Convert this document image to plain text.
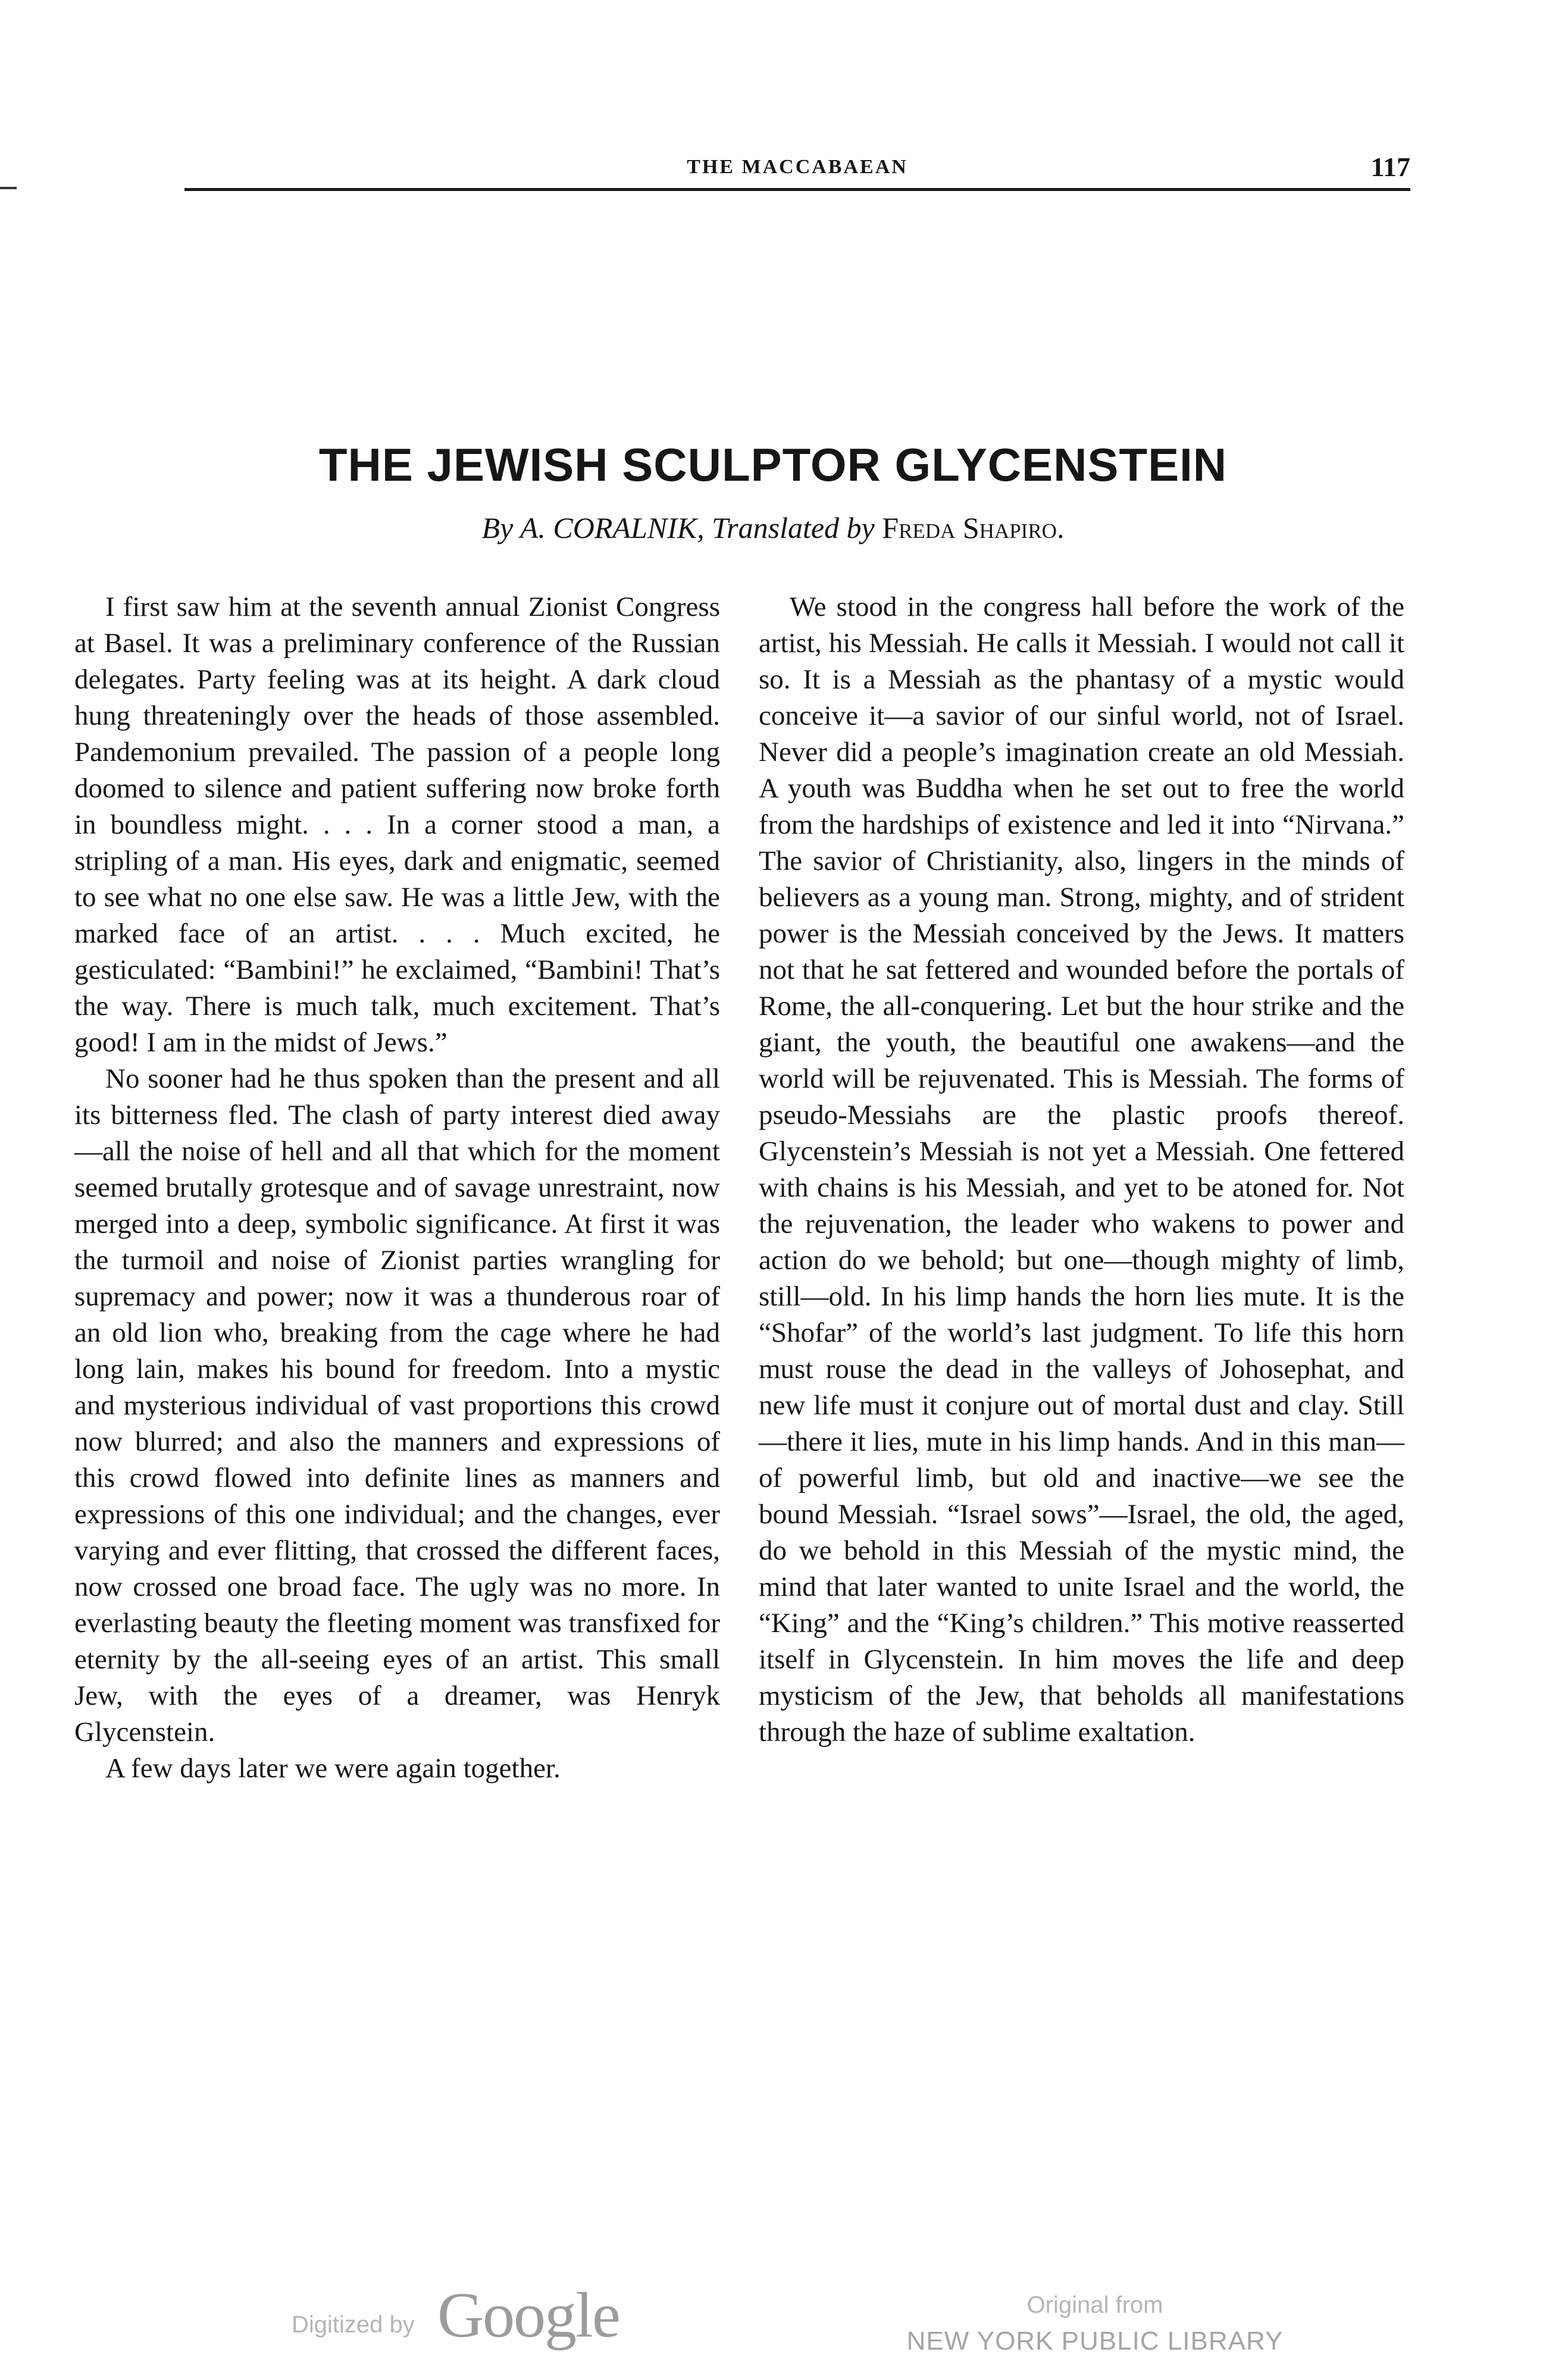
THE MACCABAEAN	117
THE JEWISH SCULPTOR GLYCENSTEIN
By A. CORALNIK, Translated by Freda Shapiro.

I first saw him at the seventh annual Zionist Congress at Basel. It was a preliminary conference of the Russian delegates. Party feeling was at its height. A dark cloud hung threateningly over the heads of those assembled. Pandemonium prevailed. The passion of a people long doomed to silence and patient suffering now broke forth in boundless might. . . . In a corner stood a man, a stripling of a man. His eyes, dark and enigmatic, seemed to see what no one else saw. He was a little Jew, with the marked face of an artist. . . . Much excited, he gesticulated: “Bambini!” he exclaimed, “Bambini! That’s the way. There is much talk, much excitement. That’s good! I am in the midst of Jews.”

No sooner had he thus spoken than the present and all its bitterness fled. The clash of party interest died away—all the noise of hell and all that which for the moment seemed brutally grotesque and of savage unrestraint, now merged into a deep, symbolic significance. At first it was the turmoil and noise of Zionist parties wrangling for supremacy and power; now it was a thunderous roar of an old lion who, breaking from the cage where he had long lain, makes his bound for freedom. Into a mystic and mysterious individual of vast proportions this crowd now blurred; and also the manners and expressions of this crowd flowed into definite lines as manners and expressions of this one individual; and the changes, ever varying and ever flitting, that crossed the different faces, now crossed one broad face. The ugly was no more. In everlasting beauty the fleeting moment was transfixed for eternity by the all-seeing eyes of an artist. This small Jew, with the eyes of a dreamer, was Henryk Glycenstein.

A few days later we were again together.

We stood in the congress hall before the work of the artist, his Messiah. He calls it Messiah. I would not call it so. It is a Messiah as the phantasy of a mystic would conceive it—a savior of our sinful world, not of Israel. Never did a people’s imagination create an old Messiah. A youth was Buddha when he set out to free the world from the hardships of existence and led it into “Nirvana.” The savior of Christianity, also, lingers in the minds of believers as a young man. Strong, mighty, and of strident power is the Messiah conceived by the Jews. It matters not that he sat fettered and wounded before the portals of Rome, the all-conquering. Let but the hour strike and the giant, the youth, the beautiful one awakens—and the world will be rejuvenated. This is Messiah. The forms of pseudo-Messiahs are the plastic proofs thereof. Glycenstein’s Messiah is not yet a Messiah. One fettered with chains is his Messiah, and yet to be atoned for. Not the rejuvenation, the leader who wakens to power and action do we behold; but one—though mighty of limb, still—old. In his limp hands the horn lies mute. It is the “Shofar” of the world’s last judgment. To life this horn must rouse the dead in the valleys of Johosephat, and new life must it conjure out of mortal dust and clay. Still—there it lies, mute in his limp hands. And in this man—of powerful limb, but old and inactive—we see the bound Messiah. “Israel sows”—Israel, the old, the aged, do we behold in this Messiah of the mystic mind, the mind that later wanted to unite Israel and the world, the “King” and the “King’s children.” This motive reasserted itself in Glycenstein. In him moves the life and deep mysticism of the Jew, that beholds all manifestations through the haze of sublime exaltation.

Digitized by Google	Original from
NEW YORK PUBLIC LIBRARY
